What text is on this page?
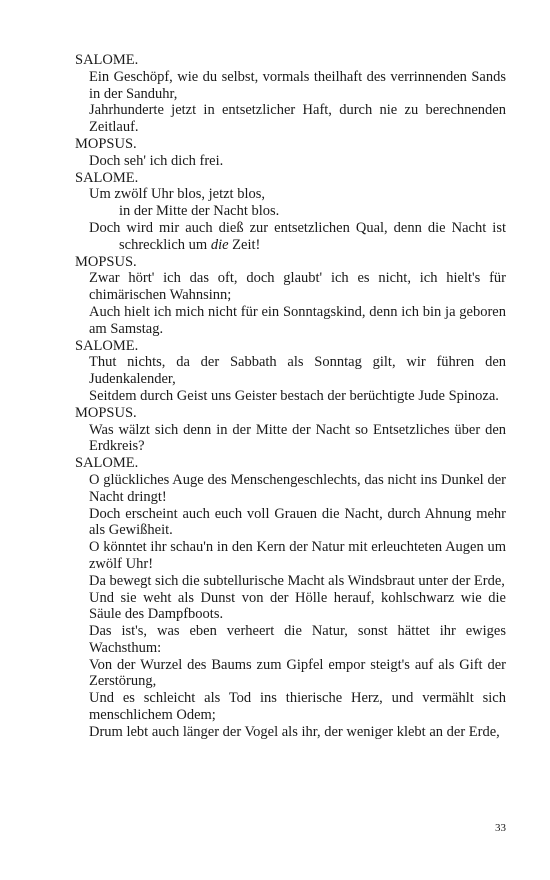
SALOME.

Ein Geschöpf, wie du selbst, vormals theilhaft des verrinnenden Sands in der Sanduhr,

Jahrhunderte jetzt in entsetzlicher Haft, durch nie zu berechnenden Zeitlauf.

MOPSUS.

Doch seh' ich dich frei.

SALOME.

Um zwölf Uhr blos, jetzt blos,

in der Mitte der Nacht blos.

Doch wird mir auch dieß zur entsetzlichen Qual, denn die Nacht ist schrecklich um die Zeit!

MOPSUS.

Zwar hört' ich das oft, doch glaubt' ich es nicht, ich hielt's für chimärischen Wahnsinn;

Auch hielt ich mich nicht für ein Sonntagskind, denn ich bin ja geboren am Samstag.

SALOME.

Thut nichts, da der Sabbath als Sonntag gilt, wir führen den Judenkalender,

Seitdem durch Geist uns Geister bestach der berüchtigte Jude Spinoza.

MOPSUS.

Was wälzt sich denn in der Mitte der Nacht so Entsetzliches über den Erdkreis?

SALOME.

O glückliches Auge des Menschengeschlechts, das nicht ins Dunkel der Nacht dringt!

Doch erscheint auch euch voll Grauen die Nacht, durch Ahnung mehr als Gewißheit.

O könntet ihr schau'n in den Kern der Natur mit erleuchteten Augen um zwölf Uhr!

Da bewegt sich die subtellurische Macht als Windsbraut unter der Erde,

Und sie weht als Dunst von der Hölle herauf, kohlschwarz wie die Säule des Dampfboots.

Das ist's, was eben verheert die Natur, sonst hättet ihr ewiges Wachsthum:

Von der Wurzel des Baums zum Gipfel empor steigt's auf als Gift der Zerstörung,

Und es schleicht als Tod ins thierische Herz, und vermählt sich menschlichem Odem;

Drum lebt auch länger der Vogel als ihr, der weniger klebt an der Erde,

33
